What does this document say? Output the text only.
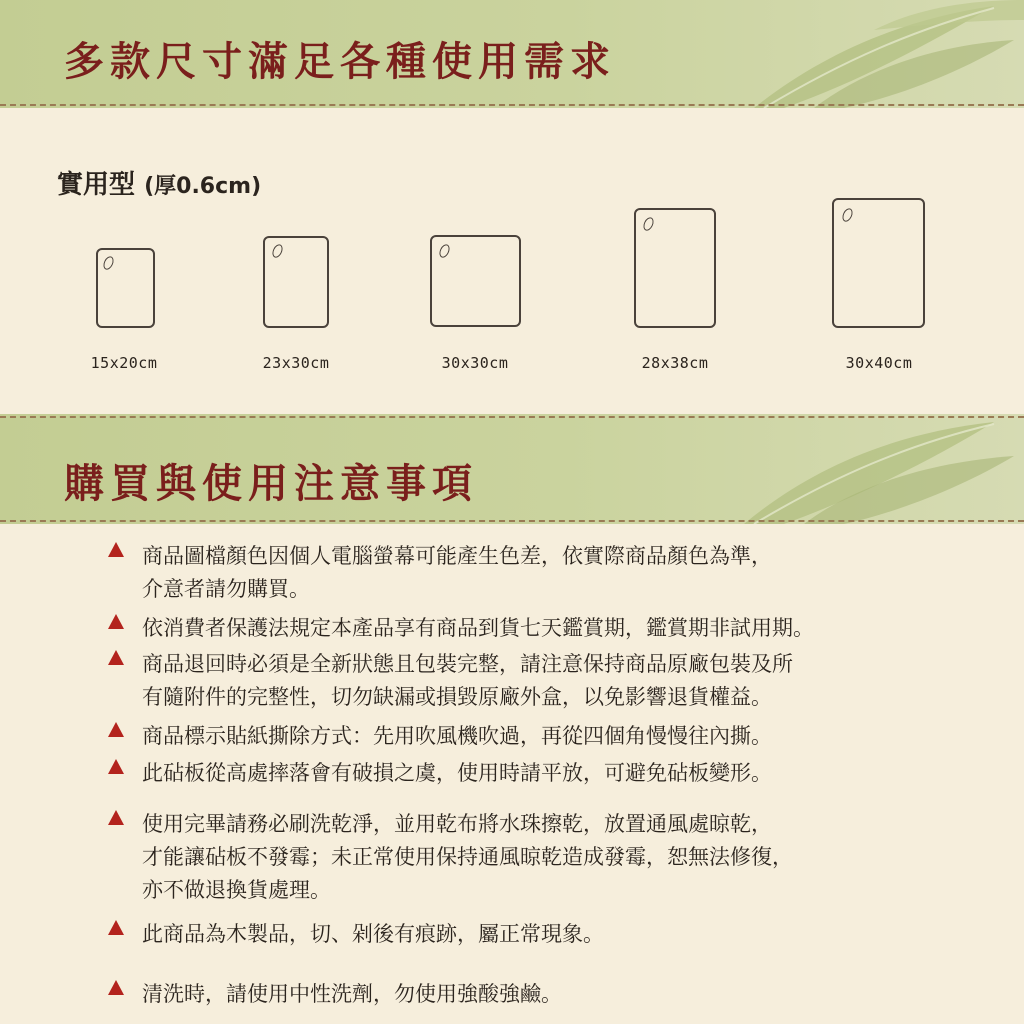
多款尺寸滿足各種使用需求
實用型 (厚0.6cm)
15x20cm	23x30cm	30x30cm	28x38cm	30x40cm
購買與使用注意事項
商品圖檔顏色因個人電腦螢幕可能產生色差，依實際商品顏色為準，
介意者請勿購買。
依消費者保護法規定本產品享有商品到貨七天鑑賞期，鑑賞期非試用期。
商品退回時必須是全新狀態且包裝完整，請注意保持商品原廠包裝及所
有隨附件的完整性，切勿缺漏或損毀原廠外盒，以免影響退貨權益。
商品標示貼紙撕除方式：先用吹風機吹過，再從四個角慢慢往內撕。
此砧板從高處摔落會有破損之虞，使用時請平放，可避免砧板變形。
使用完畢請務必刷洗乾淨，並用乾布將水珠擦乾，放置通風處晾乾，
才能讓砧板不發霉；未正常使用保持通風晾乾造成發霉，恕無法修復，
亦不做退換貨處理。
此商品為木製品，切、剁後有痕跡，屬正常現象。
清洗時，請使用中性洗劑，勿使用強酸強鹼。
